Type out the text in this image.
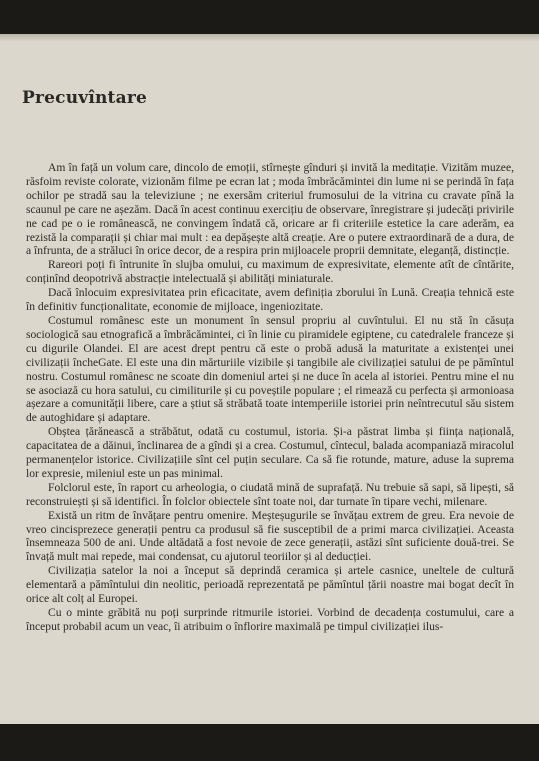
Precuvîntare

Am în față un volum care, dincolo de emoții, stîrnește gînduri și invită la meditație. Vizităm muzee, răsfoim reviste colorate, vizionăm filme pe ecran lat ; moda îmbrăcămintei din lume ni se perindă în fața ochilor pe stradă sau la televiziune ; ne exersăm criteriul frumosului de la vitrina cu cravate pînă la scaunul pe care ne așezăm. Dacă în acest continuu exercițiu de observare, înregistrare și judecăți privirile ne cad pe o ie românească, ne convingem îndată că, oricare ar fi criteriile estetice la care aderăm, ea rezistă la comparații și chiar mai mult : ea depășește altă creație. Are o putere extraordinară de a dura, de a înfrunta, de a străluci în orice decor, de a respira prin mijloacele proprii demnitate, eleganță, distincție.

Rareori poți fi întrunite în slujba omului, cu maximum de expresivitate, elemente atît de cîntărite, conținînd deopotrivă abstracție intelectuală și abilități miniaturale.

Dacă înlocuim expresivitatea prin eficacitate, avem definiția zborului în Lună. Creația tehnică este în definitiv funcționalitate, economie de mijloace, ingeniozitate.

Costumul românesc este un monument în sensul propriu al cuvîntului. El nu stă în căsuța sociologică sau etnografică a îmbrăcămintei, ci în linie cu piramidele egiptene, cu catedralele franceze și cu digurile Olandei. El are acest drept pentru că este o probă adusă la maturitate a existenței unei civilizații încheGate. El este una din mărturiile vizibile și tangibile ale civilizației satului de pe pămîntul nostru. Costumul românesc ne scoate din domeniul artei și ne duce în acela al istoriei. Pentru mine el nu se asociază cu hora satului, cu cimiliturile și cu poveștile populare ; el rimează cu perfecta și armonioasa așezare a comunității libere, care a știut să străbată toate intemperiile istoriei prin neîntrecutul său sistem de autoghidare și adaptare.

Obștea țărănească a străbătut, odată cu costumul, istoria. Și-a păstrat limba și ființa națională, capacitatea de a dăinui, înclinarea de a gîndi și a crea. Costumul, cîntecul, balada acompaniază miracolul permanențelor istorice. Civilizațiile sînt cel puțin seculare. Ca să fie rotunde, mature, aduse la suprema lor expresie, mileniul este un pas minimal.

Folclorul este, în raport cu arheologia, o ciudată mină de suprafață. Nu trebuie să sapi, să lipești, să reconstruiești și să identifici. În folclor obiectele sînt toate noi, dar turnate în tipare vechi, milenare.

Există un ritm de învățare pentru omenire. Meșteșugurile se învățau extrem de greu. Era nevoie de vreo cincisprezece generații pentru ca produsul să fie susceptibil de a primi marca civilizației. Aceasta însemneaza 500 de ani. Unde altădată a fost nevoie de zece generații, astăzi sînt suficiente două-trei. Se învață mult mai repede, mai condensat, cu ajutorul teoriilor și al deducției.

Civilizația satelor la noi a început să deprindă ceramica și artele casnice, uneltele de cultură elementară a pămîntului din neolitic, perioadă reprezentată pe pămîntul țării noastre mai bogat decît în orice alt colț al Europei.

Cu o minte grăbită nu poți surprinde ritmurile istoriei. Vorbind de decadența costumului, care a început probabil acum un veac, îi atribuim o înflorire maximală pe timpul civilizației ilus-
